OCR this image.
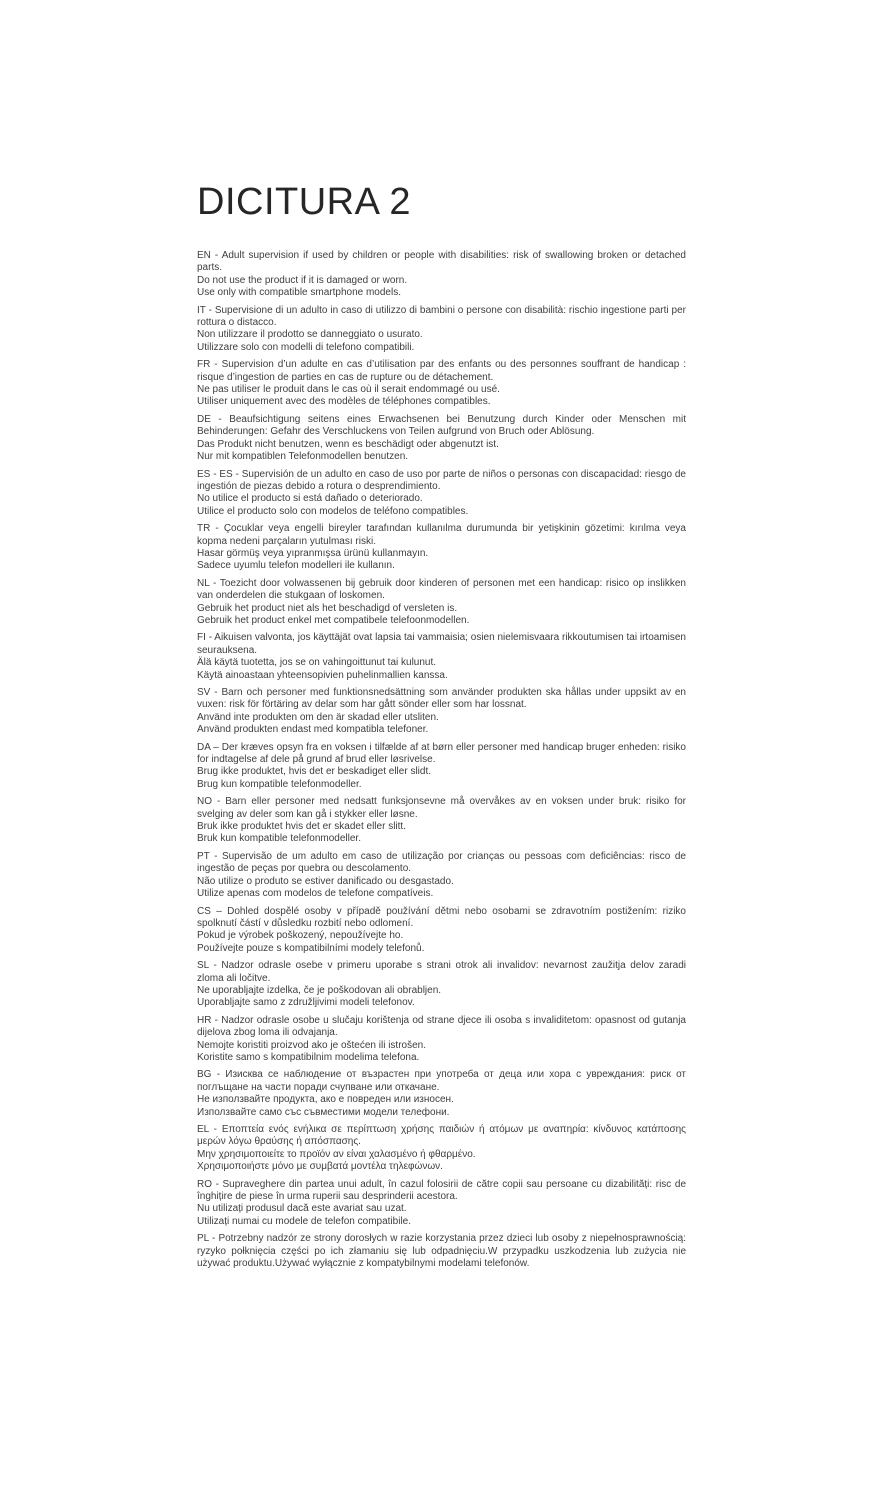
DICITURA 2
EN - Adult supervision if used by children or people with disabilities: risk of swallowing broken or detached parts.
Do not use the product if it is damaged or worn.
Use only with compatible smartphone models.
IT - Supervisione di un adulto in caso di utilizzo di bambini o persone con disabilità: rischio ingestione parti per rottura o distacco.
Non utilizzare il prodotto se danneggiato o usurato.
Utilizzare solo con modelli di telefono compatibili.
FR - Supervision d’un adulte en cas d’utilisation par des enfants ou des personnes souffrant de handicap : risque d’ingestion de parties en cas de rupture ou de détachement.
Ne pas utiliser le produit dans le cas où il serait endommagé ou usé.
Utiliser uniquement avec des modèles de téléphones compatibles.
DE - Beaufsichtigung seitens eines Erwachsenen bei Benutzung durch Kinder oder Menschen mit Behinderungen: Gefahr des Verschluckens von Teilen aufgrund von Bruch oder Ablösung.
Das Produkt nicht benutzen, wenn es beschädigt oder abgenutzt ist.
Nur mit kompatiblen Telefonmodellen benutzen.
ES - ES - Supervisión de un adulto en caso de uso por parte de niños o personas con discapacidad: riesgo de ingestión de piezas debido a rotura o desprendimiento.
No utilice el producto si está dañado o deteriorado.
Utilice el producto solo con modelos de teléfono compatibles.
TR - Çocuklar veya engelli bireyler tarafından kullanılma durumunda bir yetişkinin gözetimi: kırılma veya kopma nedeni parçaların yutulması riski.
Hasar görmüş veya yıpranmışsa ürünü kullanmayın.
Sadece uyumlu telefon modelleri ile kullanın.
NL - Toezicht door volwassenen bij gebruik door kinderen of personen met een handicap: risico op inslikken van onderdelen die stukgaan of loskomen.
Gebruik het product niet als het beschadigd of versleten is.
Gebruik het product enkel met compatibele telefoonmodellen.
FI - Aikuisen valvonta, jos käyttäjät ovat lapsia tai vammaisia; osien nielemisvaara rikkoutumisen tai irtoamisen seurauksena.
Älä käytä tuotetta, jos se on vahingoittunut tai kulunut.
Käytä ainoastaan yhteensopivien puhelinmallien kanssa.
SV - Barn och personer med funktionsnedsättning som använder produkten ska hållas under uppsikt av en vuxen: risk för förtäring av delar som har gått sönder eller som har lossnat.
Använd inte produkten om den är skadad eller utsliten.
Använd produkten endast med kompatibla telefoner.
DA – Der kræves opsyn fra en voksen i tilfælde af at børn eller personer med handicap bruger enheden: risiko for indtagelse af dele på grund af brud eller løsrivelse.
Brug ikke produktet, hvis det er beskadiget eller slidt.
Brug kun kompatible telefonmodeller.
NO - Barn eller personer med nedsatt funksjonsevne må overvåkes av en voksen under bruk: risiko for svelging av deler som kan gå i stykker eller løsne.
Bruk ikke produktet hvis det er skadet eller slitt.
Bruk kun kompatible telefonmodeller.
PT - Supervisão de um adulto em caso de utilização por crianças ou pessoas com deficiências: risco de ingestão de peças por quebra ou descolamento.
Não utilize o produto se estiver danificado ou desgastado.
Utilize apenas com modelos de telefone compatíveis.
CS – Dohled dospělé osoby v případě používání dětmi nebo osobami se zdravotním postižením: riziko spolknutí částí v důsledku rozbití nebo odlomení.
Pokud je výrobek poškozený, nepoužívejte ho.
Používejte pouze s kompatibilními modely telefonů.
SL - Nadzor odrasle osebe v primeru uporabe s strani otrok ali invalidov: nevarnost zaužitja delov zaradi zloma ali ločitve.
Ne uporabljajte izdelka, če je poškodovan ali obrabljen.
Uporabljajte samo z združljivimi modeli telefonov.
HR - Nadzor odrasle osobe u slučaju korištenja od strane djece ili osoba s invaliditetom: opasnost od gutanja dijelova zbog loma ili odvajanja.
Nemojte koristiti proizvod ako je oštećen ili istrošen.
Koristite samo s kompatibilnim modelima telefona.
BG - Изисква се наблюдение от възрастен при употреба от деца или хора с увреждания: риск от поглъщане на части поради счупване или откачане.
Не използвайте продукта, ако е повреден или износен.
Използвайте само със съвместими модели телефони.
EL - Εποπτεία ενός ενήλικα σε περίπτωση χρήσης παιδιών ή ατόμων με αναπηρία: κίνδυνος κατάποσης μερών λόγω θραύσης ή απόσπασης.
Μην χρησιμοποιείτε το προϊόν αν είναι χαλασμένο ή φθαρμένο.
Χρησιμοποιήστε μόνο με συμβατά μοντέλα τηλεφώνων.
RO - Supraveghere din partea unui adult, în cazul folosirii de către copii sau persoane cu dizabilități: risc de înghițire de piese în urma ruperii sau desprinderii acestora.
Nu utilizați produsul dacă este avariat sau uzat.
Utilizați numai cu modele de telefon compatibile.
PL - Potrzebny nadzór ze strony dorosłych w razie korzystania przez dzieci lub osoby z niepełnosprawnością: ryzyko połknięcia części po ich złamaniu się lub odpadnięciu.W przypadku uszkodzenia lub zużycia nie używać produktu.Używać wyłącznie z kompatybilnymi modelami telefonów.
